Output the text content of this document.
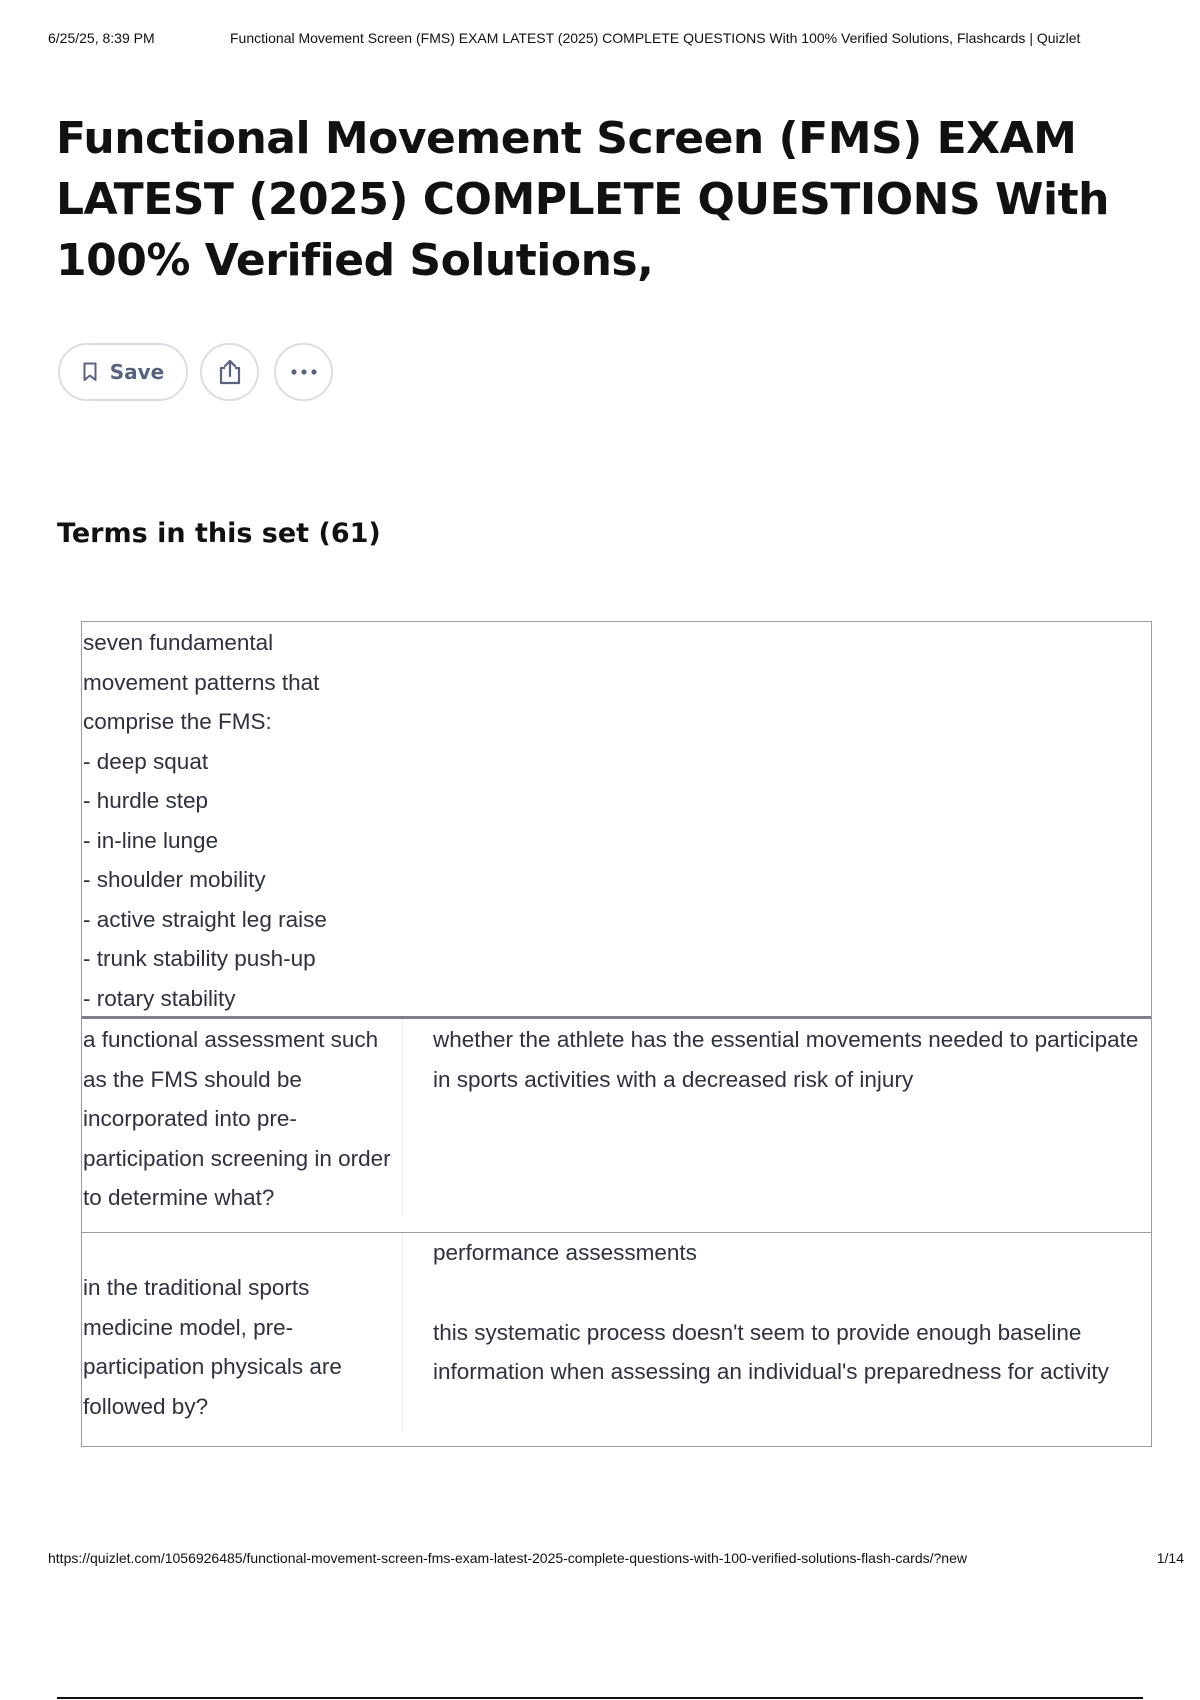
6/25/25, 8:39 PM	Functional Movement Screen (FMS) EXAM LATEST (2025) COMPLETE QUESTIONS With 100% Verified Solutions, Flashcards | Quizlet
Functional Movement Screen (FMS) EXAM LATEST (2025) COMPLETE QUESTIONS With 100% Verified Solutions,
Save
Terms in this set (61)
seven fundamental
movement patterns that
comprise the FMS:
- deep squat
- hurdle step
- in-line lunge
- shoulder mobility
- active straight leg raise
- trunk stability push-up
- rotary stability
a functional assessment such as the FMS should be incorporated into pre-participation screening in order to determine what?
whether the athlete has the essential movements needed to participate in sports activities with a decreased risk of injury
in the traditional sports medicine model, pre-participation physicals are followed by?
performance assessments
this systematic process doesn't seem to provide enough baseline information when assessing an individual's preparedness for activity
https://quizlet.com/1056926485/functional-movement-screen-fms-exam-latest-2025-complete-questions-with-100-verified-solutions-flash-cards/?new	1/14
